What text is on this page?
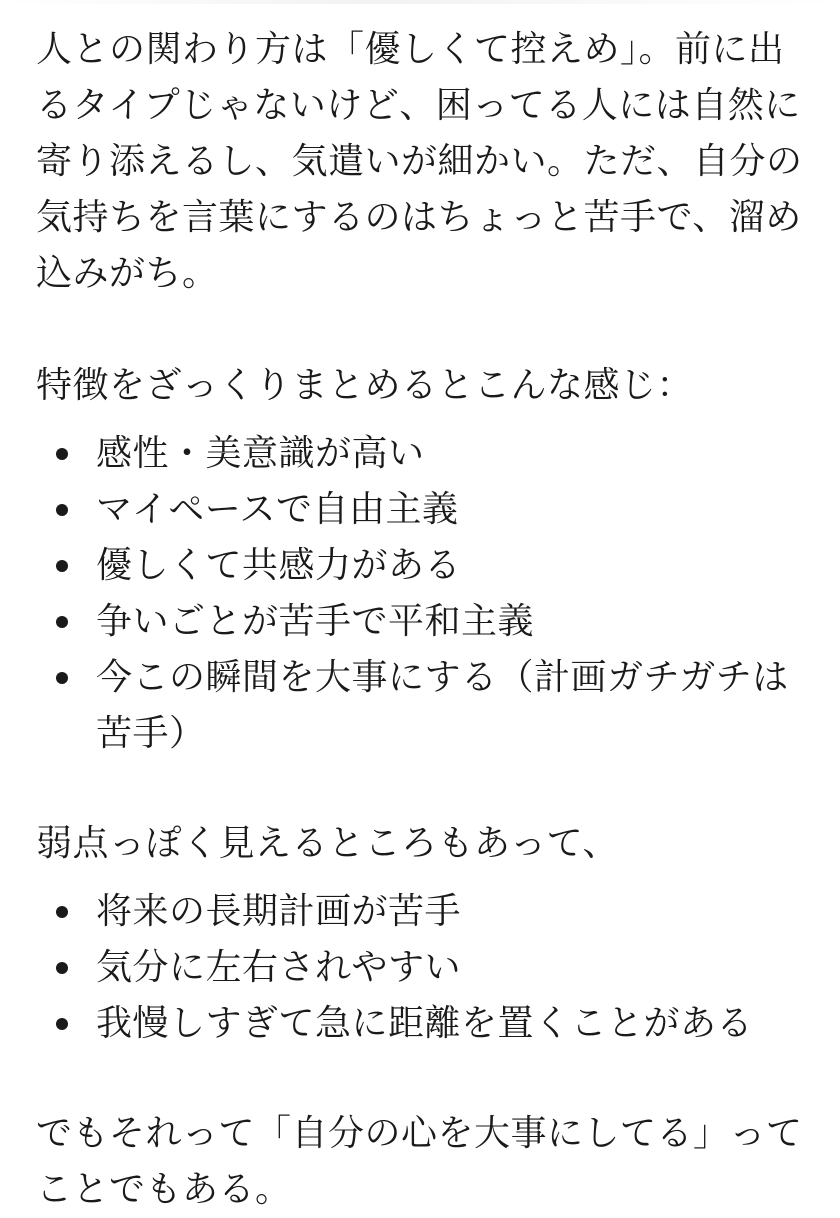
人との関わり方は「優しくて控えめ」。前に出るタイプじゃないけど、困ってる人には自然に寄り添えるし、気遣いが細かい。ただ、自分の気持ちを言葉にするのはちょっと苦手で、溜め込みがち。

特徴をざっくりまとめるとこんな感じ：

感性・美意識が高い
マイペースで自由主義
優しくて共感力がある
争いごとが苦手で平和主義
今この瞬間を大事にする（計画ガチガチは苦手）

弱点っぽく見えるところもあって、

将来の長期計画が苦手
気分に左右されやすい
我慢しすぎて急に距離を置くことがある

でもそれって「自分の心を大事にしてる」ってことでもある。
